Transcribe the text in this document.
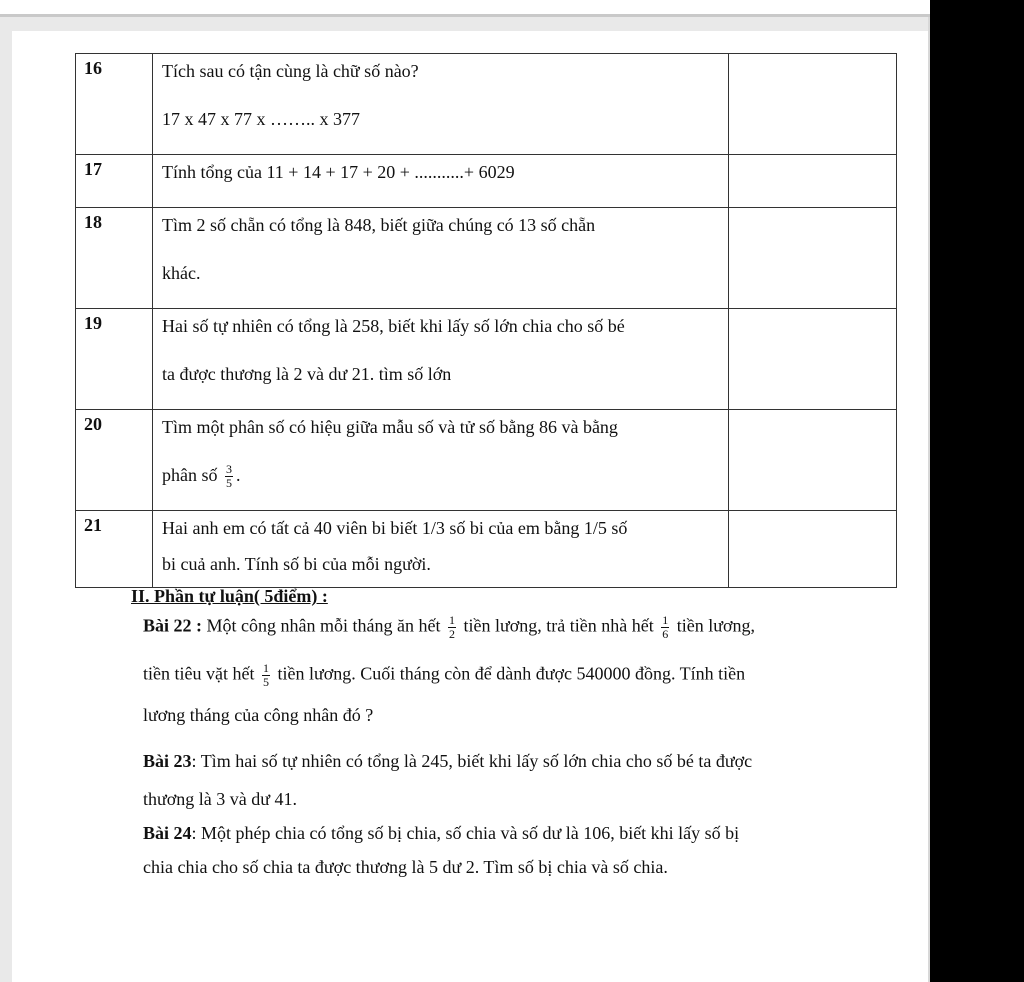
16	Tích sau có tận cùng là chữ số nào?
17 x 47 x 77 x …….. x 377	

17	Tính tổng của 11 + 14 + 17 + 20 + ...........+ 6029	

18	Tìm 2 số chẵn có tổng là 848, biết giữa chúng có 13 số chẵn
khác.	

19	Hai số tự nhiên có tổng là 258, biết khi lấy số lớn chia cho số bé
ta được thương là 2 và dư 21. tìm số lớn	

20	Tìm một phân số có hiệu giữa mẫu số và tử số bằng 86 và bằng
phân số $\frac{3}{5}$ .	

21	Hai anh em có tất cả 40 viên bi biết 1/3 số bi của em bằng 1/5 số
bi cuả anh. Tính số bi của mỗi người.	

II. Phần tự luận( 5điểm) :
Bài 22 : Một công nhân mỗi tháng ăn hết $\frac{1}{2}$ tiền lương, trả tiền nhà hết $\frac{1}{6}$ tiền lương,
tiền tiêu vặt hết $\frac{1}{5}$ tiền lương. Cuối tháng còn để dành được 540000 đồng. Tính tiền
lương tháng của công nhân đó ?
Bài 23: Tìm hai số tự nhiên có tổng là 245, biết khi lấy số lớn chia cho số bé ta được
thương là 3 và dư 41.
Bài 24: Một phép chia có tổng số bị chia, số chia và số dư là 106, biết khi lấy số bị
chia chia cho số chia ta được thương là 5 dư 2. Tìm số bị chia và số chia.
